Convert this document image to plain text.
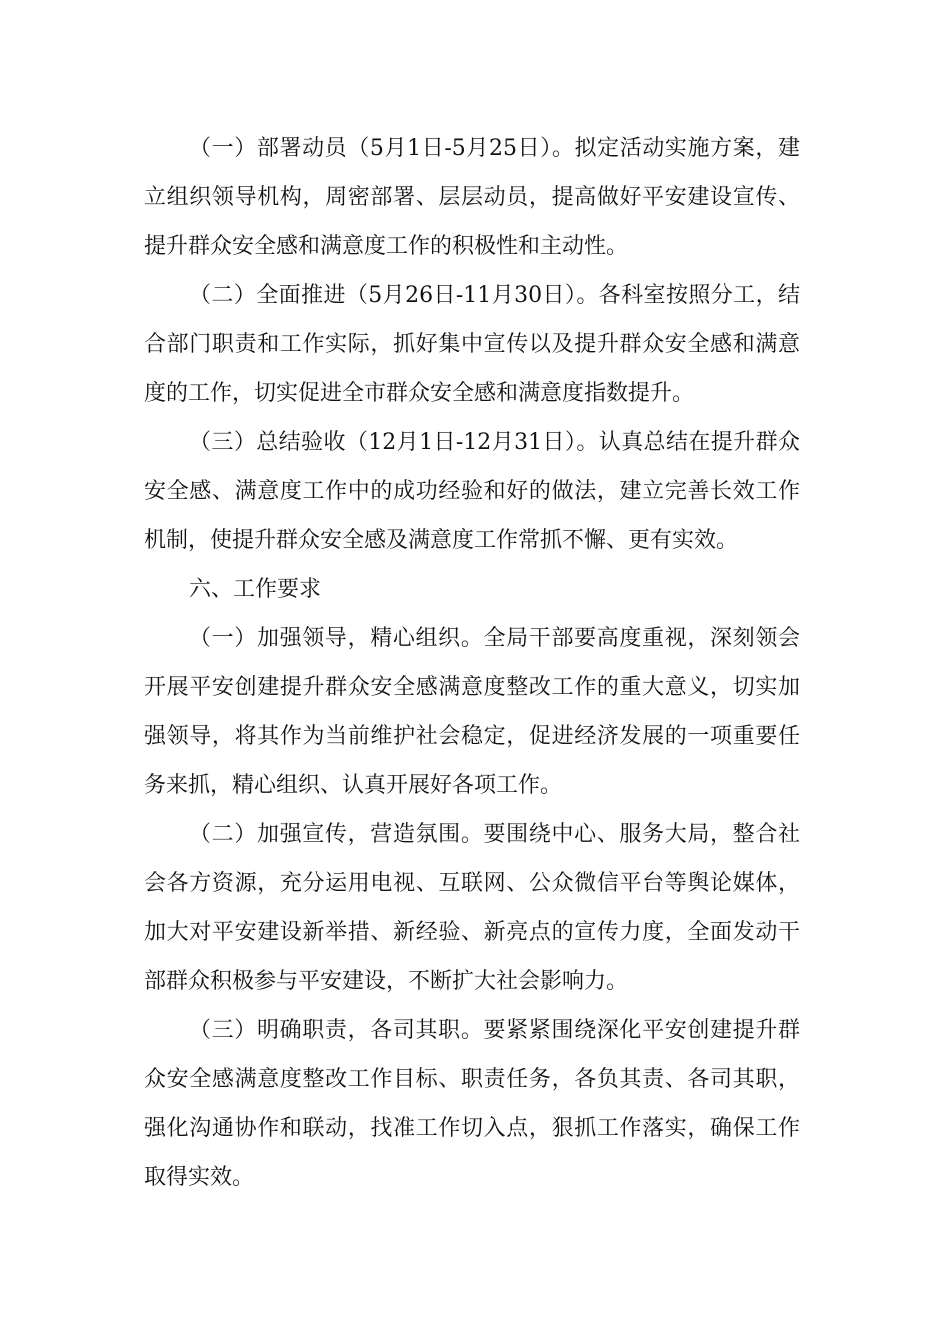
（一）部署动员（5月1日-5月25日）。拟定活动实施方案，建立组织领导机构，周密部署、层层动员，提高做好平安建设宣传、提升群众安全感和满意度工作的积极性和主动性。

（二）全面推进（5月26日-11月30日）。各科室按照分工，结合部门职责和工作实际，抓好集中宣传以及提升群众安全感和满意度的工作，切实促进全市群众安全感和满意度指数提升。

（三）总结验收（12月1日-12月31日）。认真总结在提升群众安全感、满意度工作中的成功经验和好的做法，建立完善长效工作机制，使提升群众安全感及满意度工作常抓不懈、更有实效。

六、工作要求

（一）加强领导，精心组织。全局干部要高度重视，深刻领会开展平安创建提升群众安全感满意度整改工作的重大意义，切实加强领导，将其作为当前维护社会稳定，促进经济发展的一项重要任务来抓，精心组织、认真开展好各项工作。

（二）加强宣传，营造氛围。要围绕中心、服务大局，整合社会各方资源，充分运用电视、互联网、公众微信平台等舆论媒体，加大对平安建设新举措、新经验、新亮点的宣传力度，全面发动干部群众积极参与平安建设，不断扩大社会影响力。

（三）明确职责，各司其职。要紧紧围绕深化平安创建提升群众安全感满意度整改工作目标、职责任务，各负其责、各司其职，强化沟通协作和联动，找准工作切入点，狠抓工作落实，确保工作取得实效。
